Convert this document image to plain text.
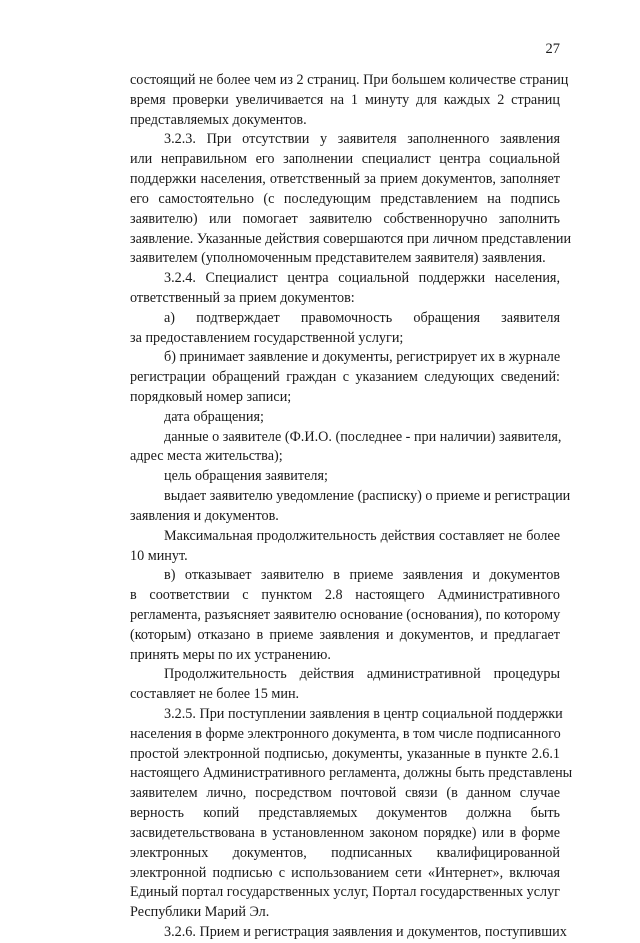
27
состоящий не более чем из 2 страниц. При большем количестве страниц
время проверки увеличивается на 1 минуту для каждых 2 страниц
представляемых документов.
3.2.3. При отсутствии у заявителя заполненного заявления
или неправильном его заполнении специалист центра социальной
поддержки населения, ответственный за прием документов, заполняет
его самостоятельно (с последующим представлением на подпись
заявителю) или помогает заявителю собственноручно заполнить
заявление. Указанные действия совершаются при личном представлении
заявителем (уполномоченным представителем заявителя) заявления.
3.2.4. Специалист центра социальной поддержки населения,
ответственный за прием документов:
а) подтверждает правомочность обращения заявителя
за предоставлением государственной услуги;
б) принимает заявление и документы, регистрирует их в журнале
регистрации обращений граждан с указанием следующих сведений:
порядковый номер записи;
дата обращения;
данные о заявителе (Ф.И.О. (последнее - при наличии) заявителя,
адрес места жительства);
цель обращения заявителя;
выдает заявителю уведомление (расписку) о приеме и регистрации
заявления и документов.
Максимальная продолжительность действия составляет не более
10 минут.
в) отказывает заявителю в приеме заявления и документов
в соответствии с пунктом 2.8 настоящего Административного
регламента, разъясняет заявителю основание (основания), по которому
(которым) отказано в приеме заявления и документов, и предлагает
принять меры по их устранению.
Продолжительность действия административной процедуры
составляет не более 15 мин.
3.2.5. При поступлении заявления в центр социальной поддержки
населения в форме электронного документа, в том числе подписанного
простой электронной подписью, документы, указанные в пункте 2.6.1
настоящего Административного регламента, должны быть представлены
заявителем лично, посредством почтовой связи (в данном случае
верность копий представляемых документов должна быть
засвидетельствована в установленном законом порядке) или в форме
электронных документов, подписанных квалифицированной
электронной подписью с использованием сети «Интернет», включая
Единый портал государственных услуг, Портал государственных услуг
Республики Марий Эл.
3.2.6. Прием и регистрация заявления и документов, поступивших
